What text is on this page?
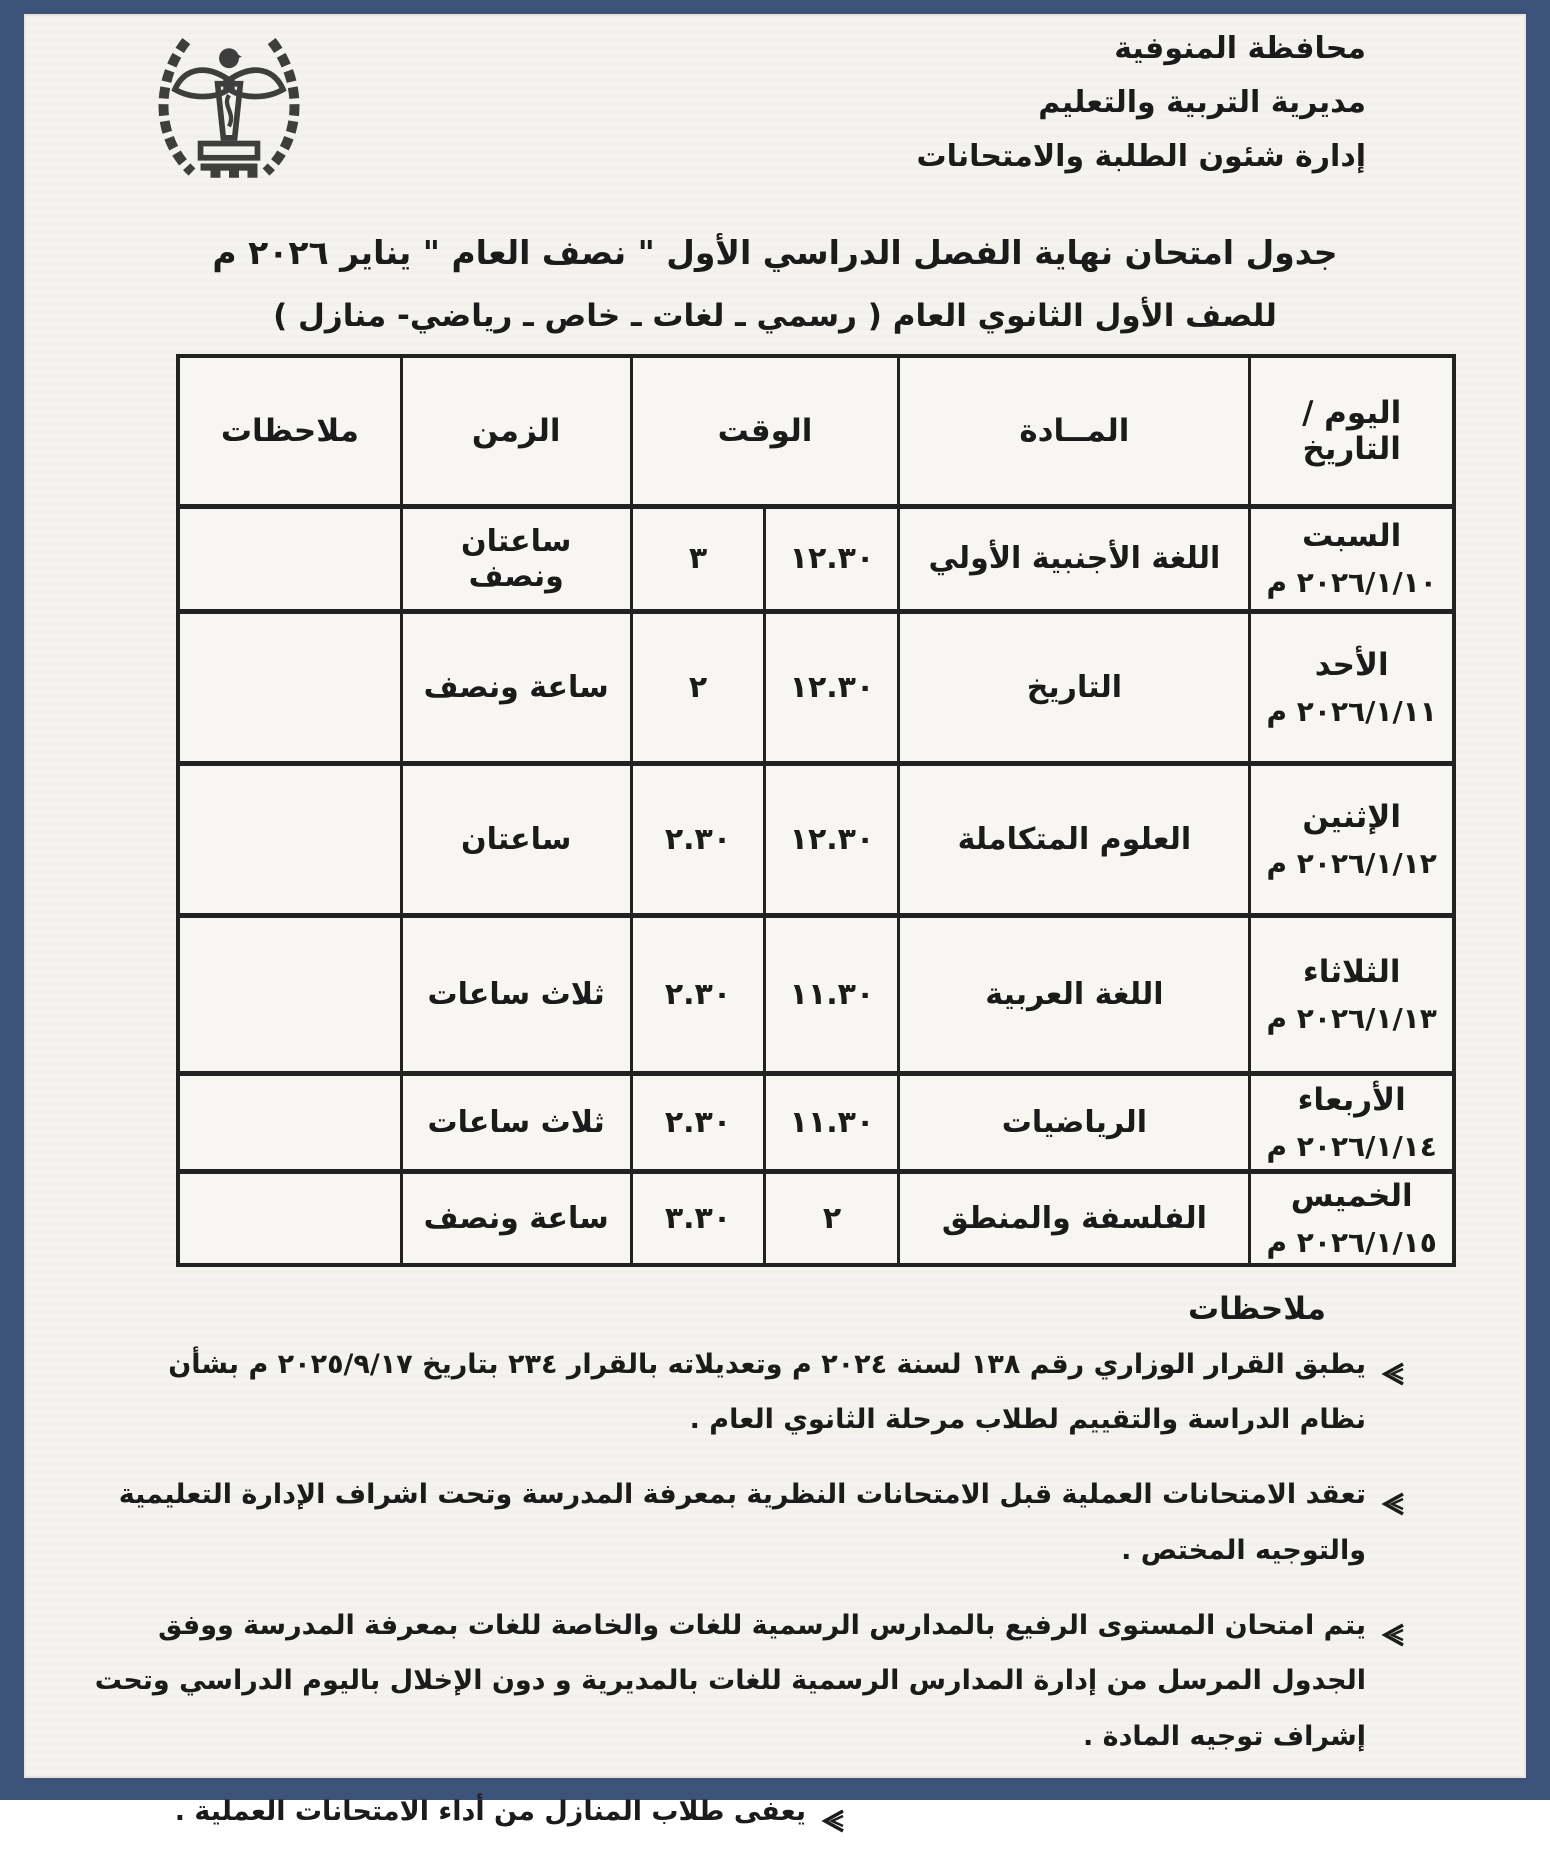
محافظة المنوفية
مديرية التربية والتعليم
إدارة شئون الطلبة والامتحانات
جدول امتحان نهاية الفصل الدراسي الأول " نصف العام " يناير ٢٠٢٦ م
للصف الأول الثانوي العام ( رسمي ـ لغات ـ خاص ـ رياضي- منازل )
اليوم / التاريخ	المــادة	الوقت		الزمن	ملاحظات

السبت
٢٠٢٦/١/١٠ م	اللغة الأجنبية الأولي	١٢.٣٠	٣	ساعتان ونصف	

الأحد
٢٠٢٦/١/١١ م	التاريخ	١٢.٣٠	٢	ساعة ونصف	

الإثنين
٢٠٢٦/١/١٢ م	العلوم المتكاملة	١٢.٣٠	٢.٣٠	ساعتان	

الثلاثاء
٢٠٢٦/١/١٣ م	اللغة العربية	١١.٣٠	٢.٣٠	ثلاث ساعات	

الأربعاء
٢٠٢٦/١/١٤ م	الرياضيات	١١.٣٠	٢.٣٠	ثلاث ساعات	

الخميس
٢٠٢٦/١/١٥ م	الفلسفة والمنطق	٢	٣.٣٠	ساعة ونصف	
ملاحظات
يطبق القرار الوزاري رقم ١٣٨ لسنة ٢٠٢٤ م وتعديلاته بالقرار ٢٣٤ بتاريخ ٢٠٢٥/٩/١٧ م بشأن نظام الدراسة والتقييم لطلاب مرحلة الثانوي العام .
تعقد الامتحانات العملية قبل الامتحانات النظرية بمعرفة المدرسة وتحت اشراف الإدارة التعليمية والتوجيه المختص .
يتم امتحان المستوى الرفيع بالمدارس الرسمية للغات والخاصة للغات بمعرفة المدرسة ووفق الجدول المرسل من إدارة المدارس الرسمية للغات بالمديرية و دون الإخلال باليوم الدراسي وتحت إشراف توجيه المادة .
يعفى طلاب المنازل من أداء الامتحانات العملية .
